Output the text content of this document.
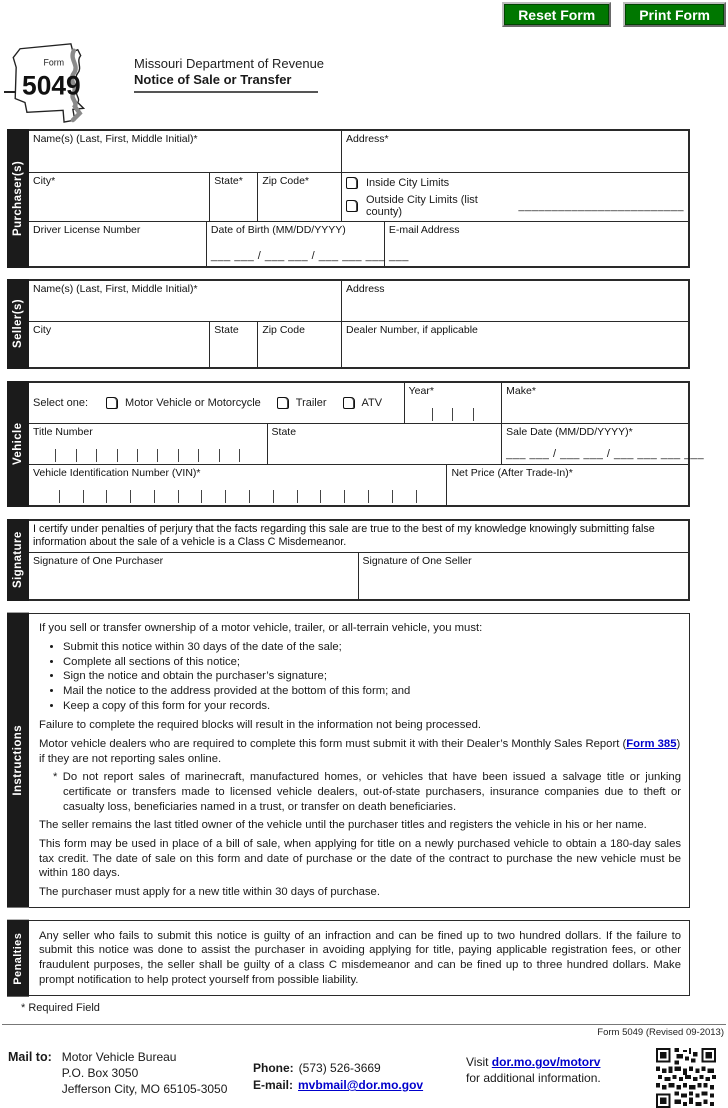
Reset Form	Print Form
Form
5049
Missouri Department of Revenue
Notice of Sale or Transfer
Purchaser(s)
Name(s) (Last, First, Middle Initial)*	Address*
City*	State*	Zip Code*	Inside City Limits
Outside City Limits (list county)	_________________________
Driver License Number	Date of Birth (MM/DD/YYYY)
___ ___ / ___ ___ / ___ ___ ___ ___
E-mail Address
Seller(s)
Name(s) (Last, First, Middle Initial)*	Address
City	State	Zip Code	Dealer Number, if applicable
Vehicle
Select one:	Motor Vehicle or Motorcycle	Trailer	ATV
Year*	Make*
Title Number	State	Sale Date (MM/DD/YYYY)*
___ ___ / ___ ___ / ___ ___ ___ ___
Vehicle Identification Number (VIN)*	Net Price (After Trade-In)*
Signature
I certify under penalties of perjury that the facts regarding this sale are true to the best of my knowledge knowingly submitting false information about the sale of a vehicle is a Class C Misdemeanor.
Signature of One Purchaser	Signature of One Seller
Instructions

If you sell or transfer ownership of a motor vehicle, trailer, or all-terrain vehicle, you must:

• Submit this notice within 30 days of the date of the sale;
• Complete all sections of this notice;
• Sign the notice and obtain the purchaser’s signature;
• Mail the notice to the address provided at the bottom of this form; and
• Keep a copy of this form for your records.

Failure to complete the required blocks will result in the information not being processed.

Motor vehicle dealers who are required to complete this form must submit it with their Dealer’s Monthly Sales Report (Form 385) if they are not reporting sales online.

* Do not report sales of marinecraft, manufactured homes, or vehicles that have been issued a salvage title or junking certificate or transfers made to licensed vehicle dealers, out-of-state purchasers, insurance companies due to theft or casualty loss, beneficiaries named in a trust, or transfer on death beneficiaries.

The seller remains the last titled owner of the vehicle until the purchaser titles and registers the vehicle in his or her name.

This form may be used in place of a bill of sale, when applying for title on a newly purchased vehicle to obtain a 180-day sales tax credit. The date of sale on this form and date of purchase or the date of the contract to purchase the new vehicle must be within 180 days.

The purchaser must apply for a new title within 30 days of purchase.

Penalties	Any seller who fails to submit this notice is guilty of an infraction and can be fined up to two hundred dollars. If the failure to submit this notice was done to assist the purchaser in avoiding applying for title, paying applicable registration fees, or other fraudulent purposes, the seller shall be guilty of a class C misdemeanor and can be fined up to three hundred dollars. Make prompt notification to help protect yourself from possible liability.

* Required Field
Form 5049 (Revised 09-2013)
Mail to: Motor Vehicle Bureau
P.O. Box 3050
Jefferson City, MO 65105-3050
Phone: (573) 526-3669
E-mail: mvbmail@dor.mo.gov
Visit dor.mo.gov/motorv
for additional information.
